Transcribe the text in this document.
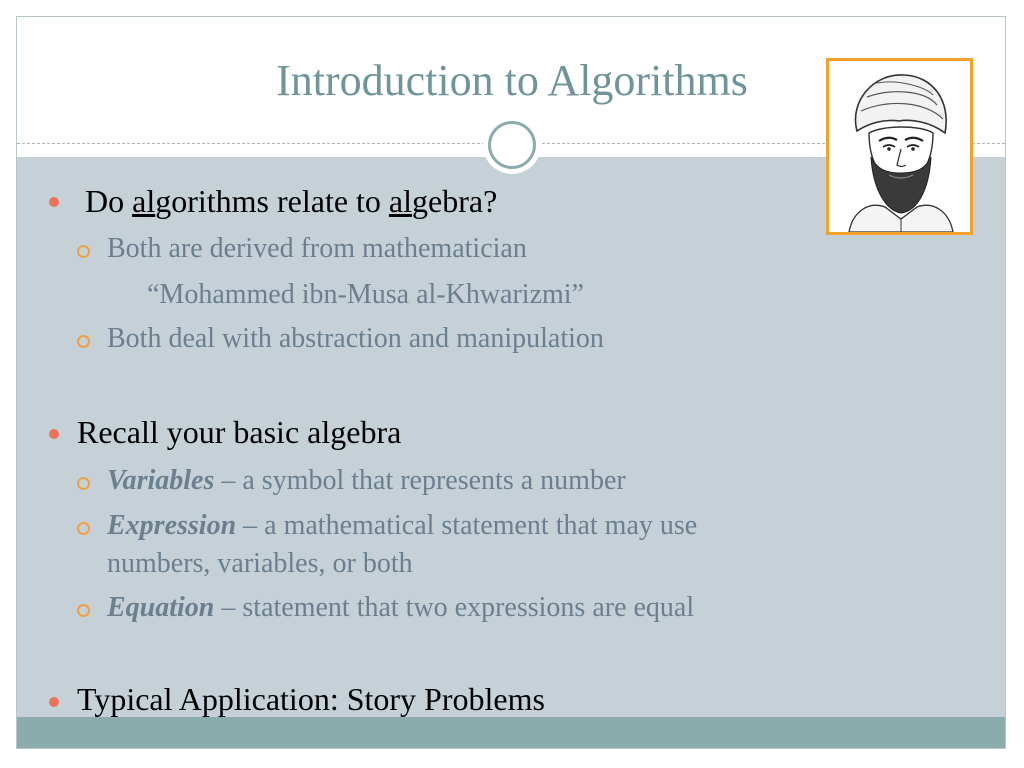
Introduction to Algorithms
Do algorithms relate to algebra?
Both are derived from mathematician
“Mohammed ibn-Musa al-Khwarizmi”
Both deal with abstraction and manipulation
Recall your basic algebra
Variables – a symbol that represents a number
Expression – a mathematical statement that may use
numbers, variables, or both
Equation – statement that two expressions are equal
Typical Application: Story Problems
